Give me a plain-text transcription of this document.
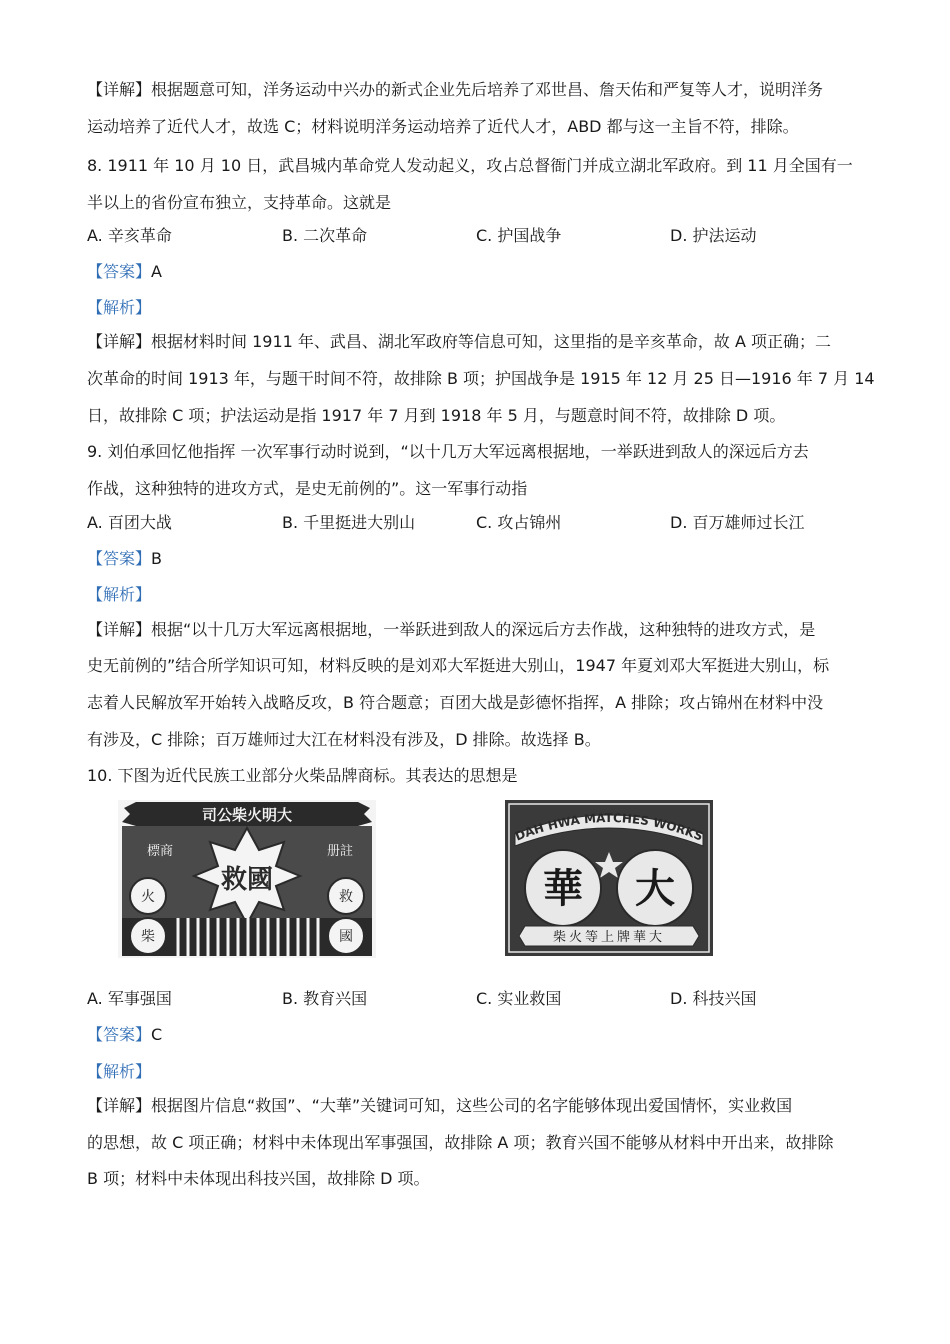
【详解】根据题意可知，洋务运动中兴办的新式企业先后培养了邓世昌、詹天佑和严复等人才，说明洋务
运动培养了近代人才，故选 C；材料说明洋务运动培养了近代人才，ABD 都与这一主旨不符，排除。
8. 1911 年 10 月 10 日，武昌城内革命党人发动起义，攻占总督衙门并成立湖北军政府。到 11 月全国有一
半以上的省份宣布独立，支持革命。这就是
A. 辛亥革命	B. 二次革命	C. 护国战争	D. 护法运动
【答案】A
【解析】
【详解】根据材料时间 1911 年、武昌、湖北军政府等信息可知，这里指的是辛亥革命，故 A 项正确；二
次革命的时间 1913 年，与题干时间不符，故排除 B 项；护国战争是 1915 年 12 月 25 日—1916 年 7 月 14
日，故排除 C 项；护法运动是指 1917 年 7 月到 1918 年 5 月，与题意时间不符，故排除 D 项。
9. 刘伯承回忆他指挥 一次军事行动时说到，“以十几万大军远离根据地，一举跃进到敌人的深远后方去
作战，这种独特的进攻方式，是史无前例的”。这一军事行动指
A. 百团大战	B. 千里挺进大别山	C. 攻占锦州	D. 百万雄师过长江
【答案】B
【解析】
【详解】根据“以十几万大军远离根据地，一举跃进到敌人的深远后方去作战，这种独特的进攻方式，是
史无前例的”结合所学知识可知，材料反映的是刘邓大军挺进大别山，1947 年夏刘邓大军挺进大别山，标
志着人民解放军开始转入战略反攻，B 符合题意；百团大战是彭德怀指挥，A 排除；攻占锦州在材料中没
有涉及，C 排除；百万雄师过大江在材料没有涉及，D 排除。故选择 B。
10. 下图为近代民族工业部分火柴品牌商标。其表达的思想是
司公柴火明大
標商	册註
救國
火	救
柴	國
DAH HWA MATCHES WORKS
華 大
柴火等上牌華大
A. 军事强国	B. 教育兴国	C. 实业救国	D. 科技兴国
【答案】C
【解析】
【详解】根据图片信息“救国”、“大華”关键词可知，这些公司的名字能够体现出爱国情怀，实业救国
的思想，故 C 项正确；材料中未体现出军事强国，故排除 A 项；教育兴国不能够从材料中开出来，故排除
B 项；材料中未体现出科技兴国，故排除 D 项。
